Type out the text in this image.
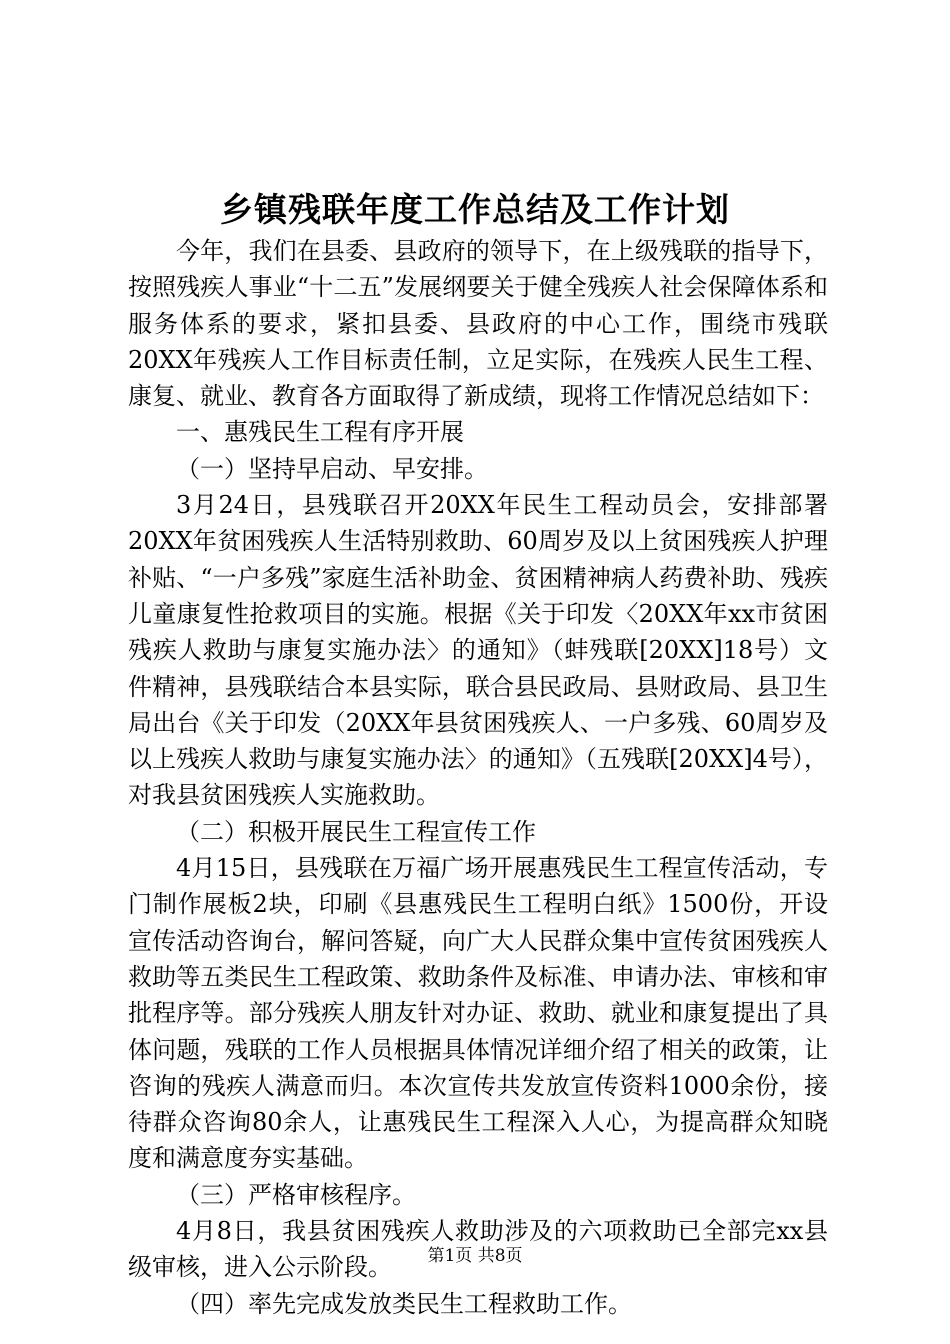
乡镇残联年度工作总结及工作计划

今年，我们在县委、县政府的领导下，在上级残联的指导下，按照残疾人事业“十二五”发展纲要关于健全残疾人社会保障体系和服务体系的要求，紧扣县委、县政府的中心工作，围绕市残联20XX年残疾人工作目标责任制，立足实际，在残疾人民生工程、康复、就业、教育各方面取得了新成绩，现将工作情况总结如下：

一、惠残民生工程有序开展

（一）坚持早启动、早安排。

3月24日，县残联召开20XX年民生工程动员会，安排部署20XX年贫困残疾人生活特别救助、60周岁及以上贫困残疾人护理补贴、“一户多残”家庭生活补助金、贫困精神病人药费补助、残疾儿童康复性抢救项目的实施。根据《关于印发〈20XX年xx市贫困残疾人救助与康复实施办法〉的通知》（蚌残联[20XX]18号）文件精神，县残联结合本县实际，联合县民政局、县财政局、县卫生局出台《关于印发（20XX年县贫困残疾人、一户多残、60周岁及以上残疾人救助与康复实施办法〉的通知》（五残联[20XX]4号），对我县贫困残疾人实施救助。

（二）积极开展民生工程宣传工作

4月15日，县残联在万福广场开展惠残民生工程宣传活动，专门制作展板2块，印刷《县惠残民生工程明白纸》1500份，开设宣传活动咨询台，解问答疑，向广大人民群众集中宣传贫困残疾人救助等五类民生工程政策、救助条件及标准、申请办法、审核和审批程序等。部分残疾人朋友针对办证、救助、就业和康复提出了具体问题，残联的工作人员根据具体情况详细介绍了相关的政策，让咨询的残疾人满意而归。本次宣传共发放宣传资料1000余份，接待群众咨询80余人，让惠残民生工程深入人心，为提高群众知晓度和满意度夯实基础。

（三）严格审核程序。

4月8日，我县贫困残疾人救助涉及的六项救助已全部完xx县级审核，进入公示阶段。

（四）率先完成发放类民生工程救助工作。

第1页 共8页
